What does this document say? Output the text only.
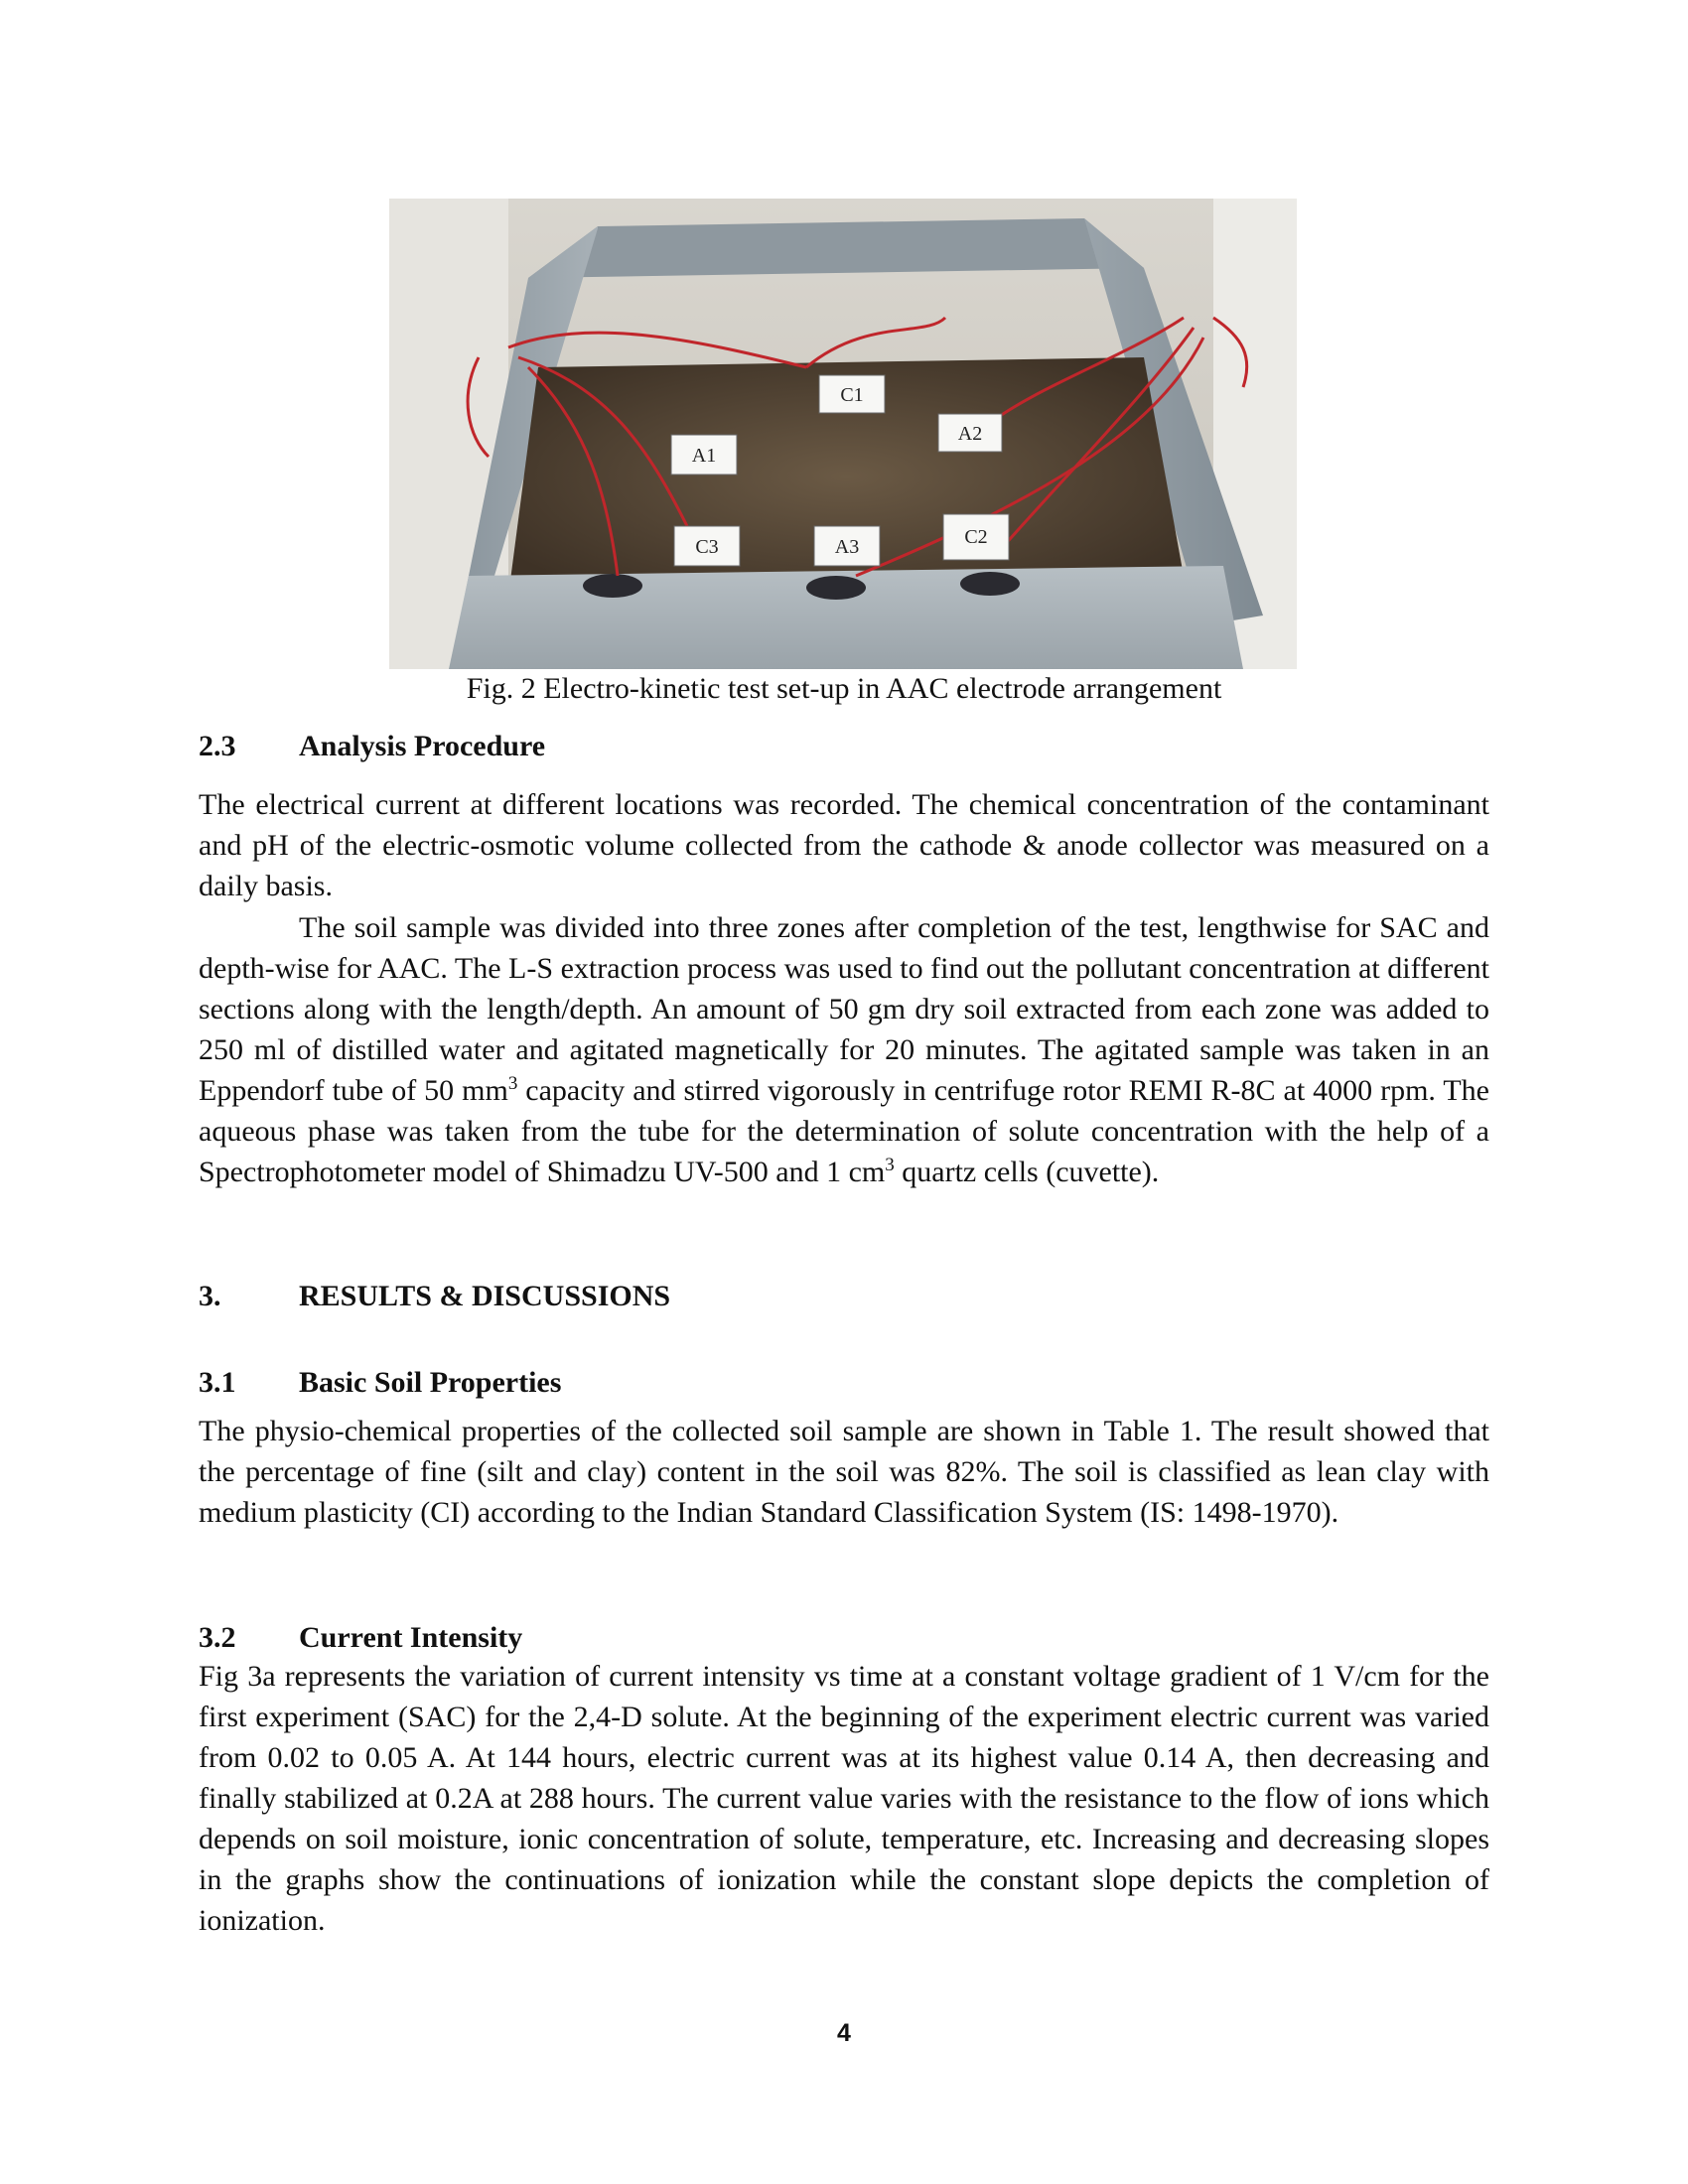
C1
A2
A1
C3	A3	C2
Fig. 2 Electro-kinetic test set-up in AAC electrode arrangement
2.3 Analysis Procedure

The electrical current at different locations was recorded. The chemical concentration of the contaminant and pH of the electric-osmotic volume collected from the cathode & anode collector was measured on a daily basis.

The soil sample was divided into three zones after completion of the test, lengthwise for SAC and depth-wise for AAC. The L-S extraction process was used to find out the pollutant concentration at different sections along with the length/depth. An amount of 50 gm dry soil extracted from each zone was added to 250 ml of distilled water and agitated magnetically for 20 minutes. The agitated sample was taken in an Eppendorf tube of 50 $mm^3$ capacity and stirred vigorously in centrifuge rotor REMI R-8C at 4000 rpm. The aqueous phase was taken from the tube for the determination of solute concentration with the help of a Spectrophotometer model of Shimadzu UV-500 and 1 $cm^3$ quartz cells (cuvette).

3.	RESULTS & DISCUSSIONS
3.1 Basic Soil Properties

The physio-chemical properties of the collected soil sample are shown in Table 1. The result showed that the percentage of fine (silt and clay) content in the soil was 82%. The soil is classified as lean clay with medium plasticity (CI) according to the Indian Standard Classification System (IS: 1498-1970).

3.2 Current Intensity

Fig 3a represents the variation of current intensity vs time at a constant voltage gradient of 1 V/cm for the first experiment (SAC) for the 2,4-D solute. At the beginning of the experiment electric current was varied from 0.02 to 0.05 A. At 144 hours, electric current was at its highest value 0.14 A, then decreasing and finally stabilized at 0.2A at 288 hours. The current value varies with the resistance to the flow of ions which depends on soil moisture, ionic concentration of solute, temperature, etc. Increasing and decreasing slopes in the graphs show the continuations of ionization while the constant slope depicts the completion of ionization.

4
